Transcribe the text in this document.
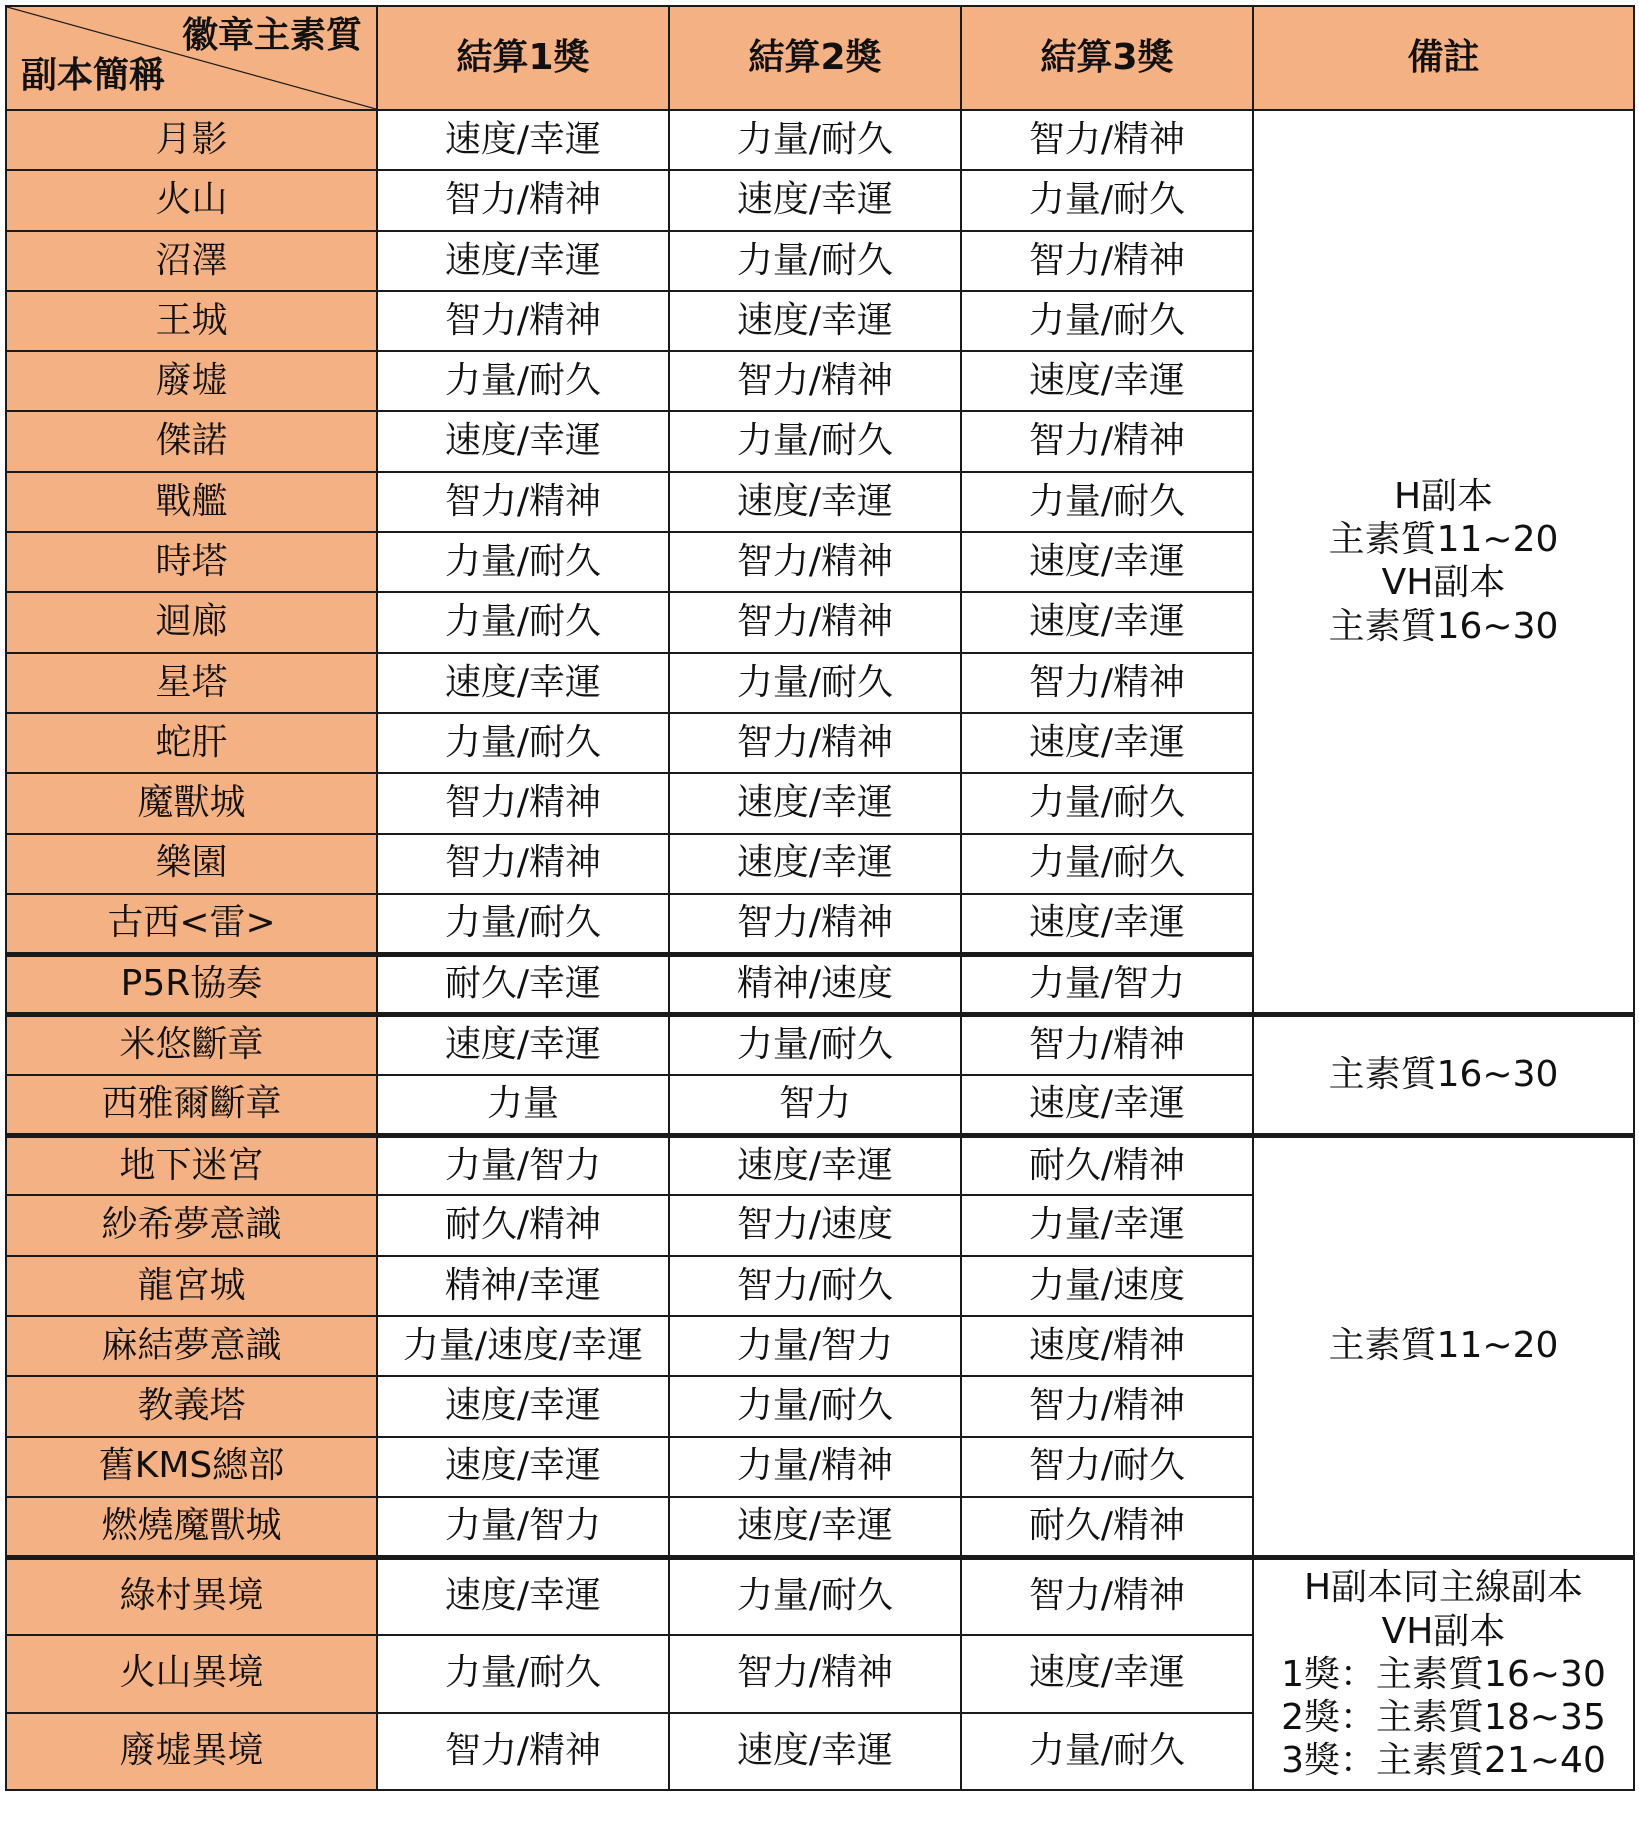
徽章主素質
副本簡稱	結算1獎	結算2獎	結算3獎	備註
月影	速度/幸運	力量/耐久	智力/精神	H副本
主素質11~20
VH副本
主素質16~30

火山	智力/精神	速度/幸運	力量/耐久	
沼澤	速度/幸運	力量/耐久	智力/精神	
王城	智力/精神	速度/幸運	力量/耐久	
廢墟	力量/耐久	智力/精神	速度/幸運	
傑諾	速度/幸運	力量/耐久	智力/精神	
戰艦	智力/精神	速度/幸運	力量/耐久	
時塔	力量/耐久	智力/精神	速度/幸運	
迴廊	力量/耐久	智力/精神	速度/幸運	
星塔	速度/幸運	力量/耐久	智力/精神	
蛇肝	力量/耐久	智力/精神	速度/幸運	
魔獸城	智力/精神	速度/幸運	力量/耐久	
樂園	智力/精神	速度/幸運	力量/耐久	
古西<雷>	力量/耐久	智力/精神	速度/幸運	
P5R協奏	耐久/幸運	精神/速度	力量/智力	
米悠斷章	速度/幸運	力量/耐久	智力/精神	主素質16~30

西雅爾斷章	力量	智力	速度/幸運	
地下迷宮	力量/智力	速度/幸運	耐久/精神	主素質11~20

紗希夢意識	耐久/精神	智力/速度	力量/幸運	
龍宮城	精神/幸運	智力/耐久	力量/速度	
麻結夢意識	力量/速度/幸運	力量/智力	速度/精神	
教義塔	速度/幸運	力量/耐久	智力/精神	
舊KMS總部	速度/幸運	力量/精神	智力/耐久	
燃燒魔獸城	力量/智力	速度/幸運	耐久/精神	
綠村異境	速度/幸運	力量/耐久	智力/精神	H副本同主線副本
VH副本
1獎：主素質16~30
2獎：主素質18~35
3獎：主素質21~40

火山異境	力量/耐久	智力/精神	速度/幸運	
廢墟異境	智力/精神	速度/幸運	力量/耐久	
